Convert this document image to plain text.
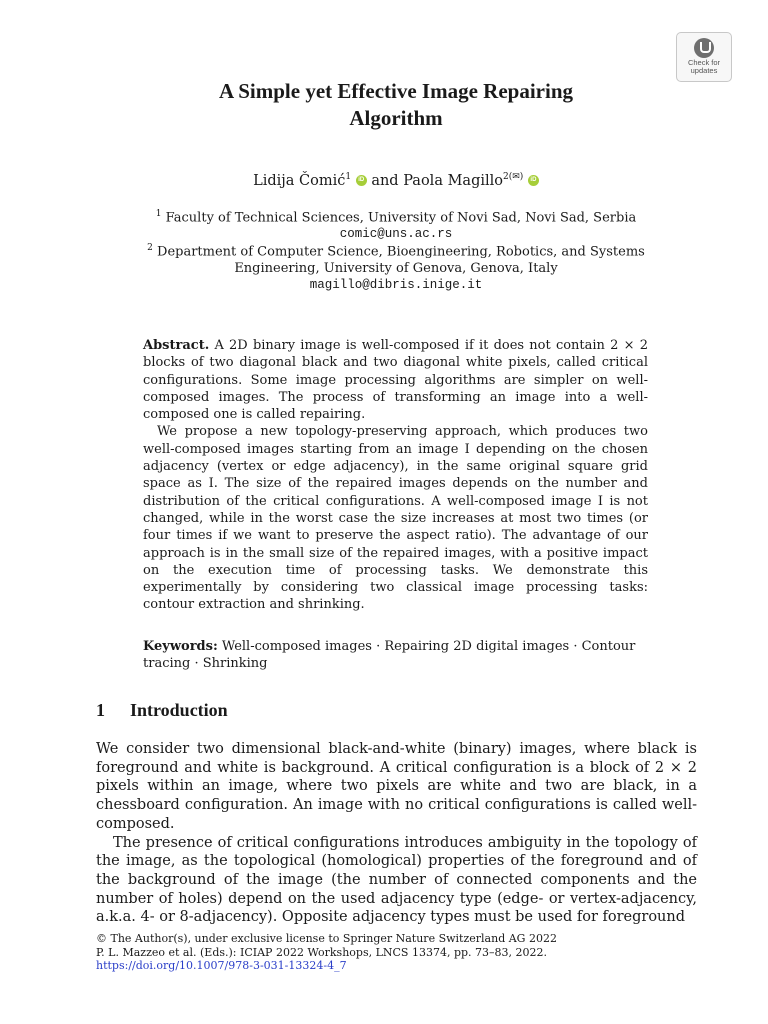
Check for
updates
A Simple yet Effective Image Repairing
Algorithm
Lidija Čomić$^1$ iD and Paola Magillo$^{2(✉)}$ iD
$^1$ Faculty of Technical Sciences, University of Novi Sad, Novi Sad, Serbia
comic@uns.ac.rs
$^2$ Department of Computer Science, Bioengineering, Robotics, and Systems
Engineering, University of Genova, Genova, Italy
magillo@dibris.inige.it

Abstract. A 2D binary image is well-composed if it does not contain 2 × 2 blocks of two diagonal black and two diagonal white pixels, called critical configurations. Some image processing algorithms are simpler on well-composed images. The process of transforming an image into a well-composed one is called repairing.

We propose a new topology-preserving approach, which produces two well-composed images starting from an image I depending on the chosen adjacency (vertex or edge adjacency), in the same original square grid space as I. The size of the repaired images depends on the number and distribution of the critical configurations. A well-composed image I is not changed, while in the worst case the size increases at most two times (or four times if we want to preserve the aspect ratio). The advantage of our approach is in the small size of the repaired images, with a positive impact on the execution time of processing tasks. We demonstrate this experimentally by considering two classical image processing tasks: contour extraction and shrinking.

Keywords: Well-composed images · Repairing 2D digital images · Contour tracing · Shrinking
1 Introduction

We consider two dimensional black-and-white (binary) images, where black is foreground and white is background. A critical configuration is a block of 2 × 2 pixels within an image, where two pixels are white and two are black, in a chessboard configuration. An image with no critical configurations is called well-composed.

The presence of critical configurations introduces ambiguity in the topology of the image, as the topological (homological) properties of the foreground and of the background of the image (the number of connected components and the number of holes) depend on the used adjacency type (edge- or vertex-adjacency, a.k.a. 4- or 8-adjacency). Opposite adjacency types must be used for foreground

© The Author(s), under exclusive license to Springer Nature Switzerland AG 2022
P. L. Mazzeo et al. (Eds.): ICIAP 2022 Workshops, LNCS 13374, pp. 73–83, 2022.
https://doi.org/10.1007/978-3-031-13324-4_7
